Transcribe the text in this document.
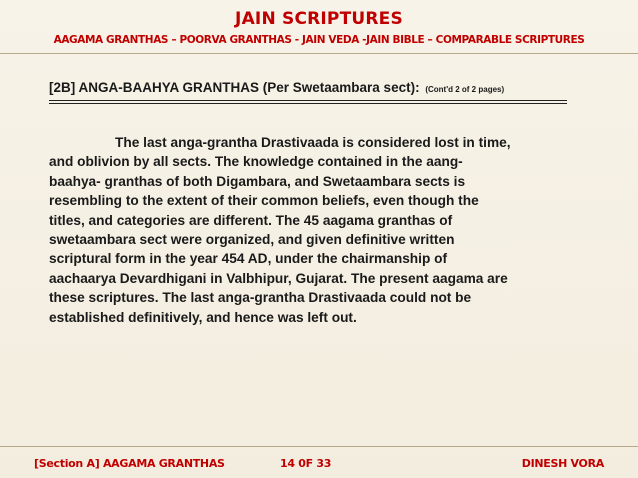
JAIN SCRIPTURES
AAGAMA GRANTHAS – POORVA GRANTHAS - JAIN VEDA -JAIN BIBLE – COMPARABLE SCRIPTURES
[2B] ANGA-BAAHYA GRANTHAS (Per Swetaambara sect): (Cont'd 2 of 2 pages)
The last anga-grantha Drastivaada is considered lost in time,
and oblivion by all sects. The knowledge contained in the aang-
baahya- granthas of both Digambara, and Swetaambara sects is
resembling to the extent of their common beliefs, even though the
titles, and categories are different. The 45 aagama granthas of
swetaambara sect were organized, and given definitive written
scriptural form in the year 454 AD, under the chairmanship of
aachaarya Devardhigani in Valbhipur, Gujarat. The present aagama are
these scriptures. The last anga-grantha Drastivaada could not be
established definitively, and hence was left out.
[Section A] AAGAMA GRANTHAS	14 0F 33	DINESH VORA
